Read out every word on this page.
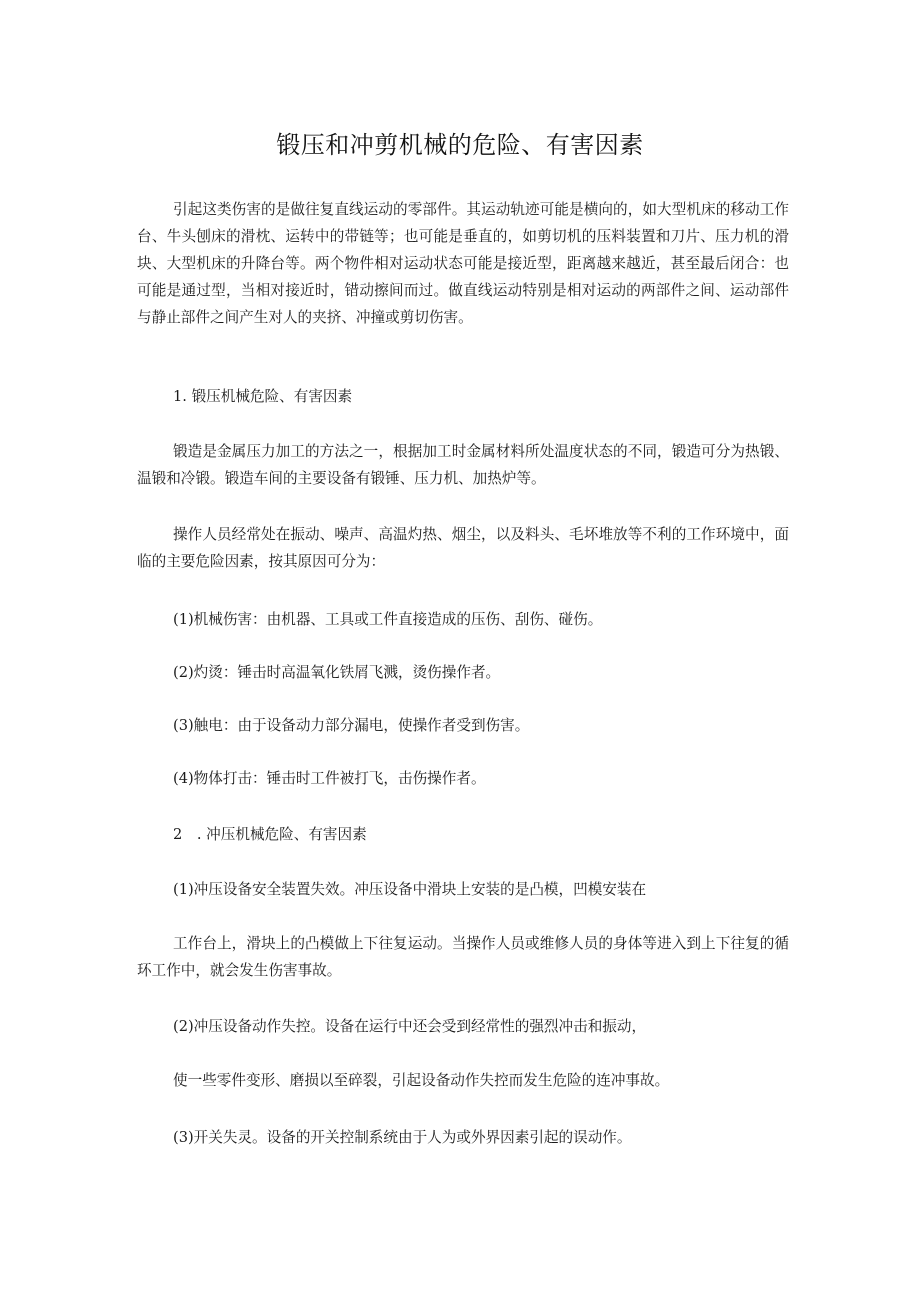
锻压和冲剪机械的危险、有害因素

引起这类伤害的是做往复直线运动的零部件。其运动轨迹可能是横向的，如大型机床的移动工作台、牛头刨床的滑枕、运转中的带链等；也可能是垂直的，如剪切机的压料装置和刀片、压力机的滑块、大型机床的升降台等。两个物件相对运动状态可能是接近型，距离越来越近，甚至最后闭合：也可能是通过型，当相对接近时，错动擦间而过。做直线运动特别是相对运动的两部件之间、运动部件与静止部件之间产生对人的夹挤、冲撞或剪切伤害。

1. 锻压机械危险、有害因素

锻造是金属压力加工的方法之一，根据加工时金属材料所处温度状态的不同，锻造可分为热锻、温锻和冷锻。锻造车间的主要设备有锻锤、压力机、加热炉等。

操作人员经常处在振动、噪声、高温灼热、烟尘，以及料头、毛坏堆放等不利的工作环境中，面临的主要危险因素，按其原因可分为：

(1)机械伤害：由机器、工具或工件直接造成的压伤、刮伤、碰伤。

(2)灼烫：锤击时高温氧化铁屑飞溅，烫伤操作者。

(3)触电：由于设备动力部分漏电，使操作者受到伤害。

(4)物体打击：锤击时工件被打飞，击伤操作者。

2　. 冲压机械危险、有害因素

(1)冲压设备安全装置失效。冲压设备中滑块上安装的是凸模，凹模安装在

工作台上，滑块上的凸模做上下往复运动。当操作人员或维修人员的身体等进入到上下往复的循环工作中，就会发生伤害事故。

(2)冲压设备动作失控。设备在运行中还会受到经常性的强烈冲击和振动，

使一些零件变形、磨损以至碎裂，引起设备动作失控而发生危险的连冲事故。

(3)开关失灵。设备的开关控制系统由于人为或外界因素引起的误动作。
